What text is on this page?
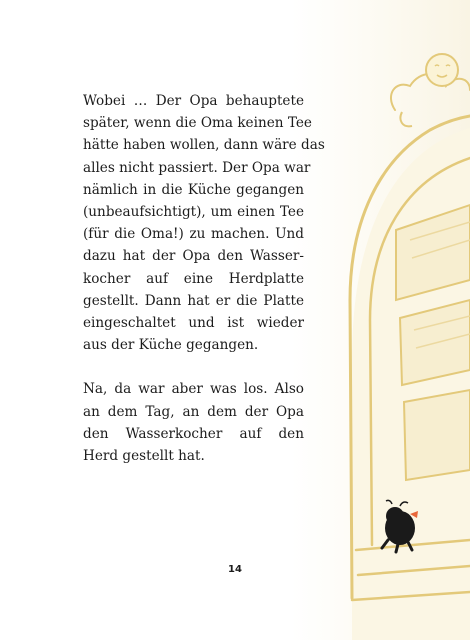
Wobei … Der Opa behauptete
später, wenn die Oma keinen Tee
hätte haben wollen, dann wäre das
alles nicht passiert. Der Opa war
nämlich in die Küche gegangen
(unbeaufsichtigt), um einen Tee
(für die Oma!) zu machen. Und
dazu hat der Opa den Wasser-
kocher auf eine Herdplatte
gestellt. Dann hat er die Platte
eingeschaltet und ist wieder
aus der Küche gegangen.

Na, da war aber was los. Also
an dem Tag, an dem der Opa
den Wasserkocher auf den
Herd gestellt hat.

14
